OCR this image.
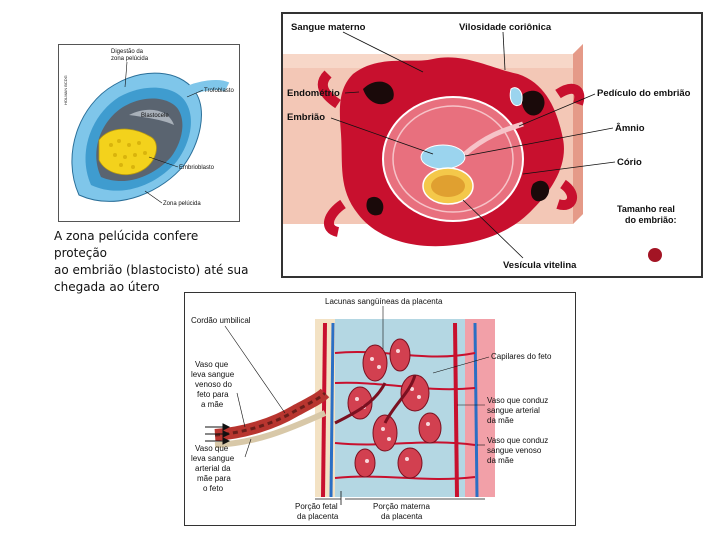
HOLMAN BCDG
Digestão da
zona pelúcida
Trofoblasto
Blastocele
Embrioblasto
Zona pelúcida
A zona pelúcida confere proteção
ao embrião (blastocisto) até sua
chegada ao útero
Tamanho real
do embrião:
Sangue materno	Vilosidade coriônica
Endométrio
Embrião
Pedículo do embrião
Âmnio
Cório
Vesícula vitelina
Lacunas sangüíneas da placenta
Cordão umbilical
Capilares do feto
Vaso que
leva sangue
venoso do
feto para
a mãe
Vaso que
leva sangue
arterial da
mãe para
o feto
Vaso que conduz
sangue arterial
da mãe
Vaso que conduz
sangue venoso
da mãe
Porção fetal
da placenta
Porção materna
da placenta
